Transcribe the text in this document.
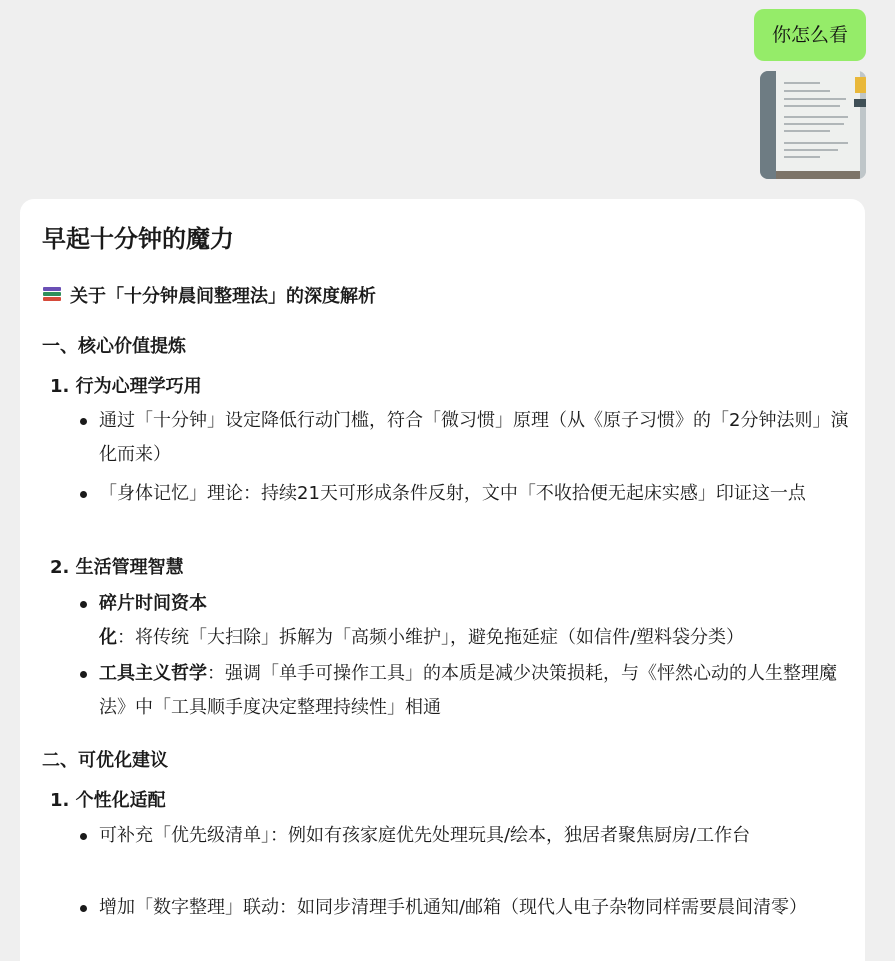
你怎么看
早起十分钟的魔力
关于「十分钟晨间整理法」的深度解析
一、核心价值提炼
1. 行为心理学巧用
通过「十分钟」设定降低行动门槛，符合「微习惯」原理（从《原子习惯》的「2分钟法则」演化而来）
「身体记忆」理论：持续21天可形成条件反射，文中「不收拾便无起床实感」印证这一点
2. 生活管理智慧
碎片时间资本化：将传统「大扫除」拆解为「高频小维护」，避免拖延症（如信件/塑料袋分类）
工具主义哲学：强调「单手可操作工具」的本质是减少决策损耗，与《怦然心动的人生整理魔法》中「工具顺手度决定整理持续性」相通
二、可优化建议
1. 个性化适配
可补充「优先级清单」：例如有孩家庭优先处理玩具/绘本，独居者聚焦厨房/工作台
增加「数字整理」联动：如同步清理手机通知/邮箱（现代人电子杂物同样需要晨间清零）
